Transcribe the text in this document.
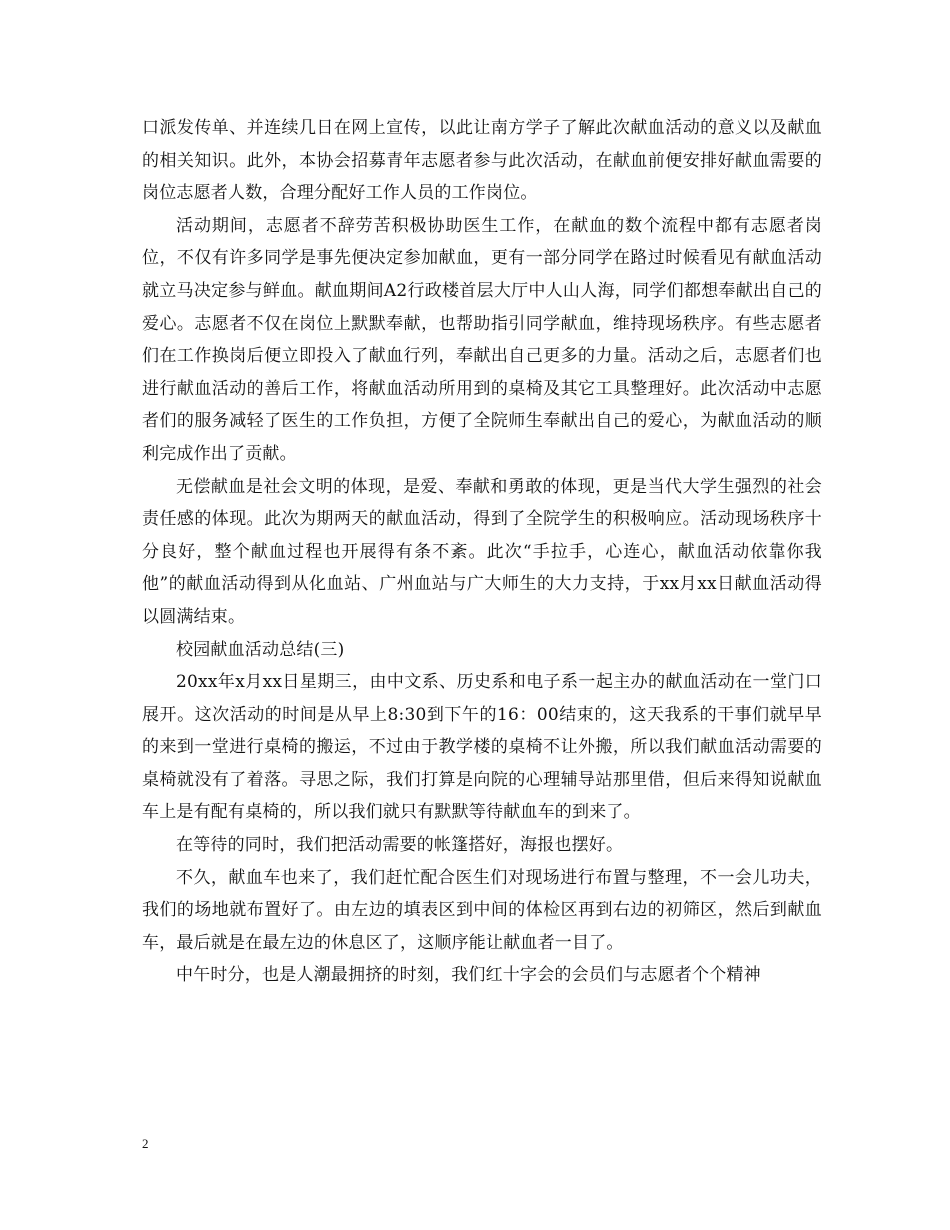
口派发传单、并连续几日在网上宣传，以此让南方学子了解此次献血活动的意义以及献血的相关知识。此外，本协会招募青年志愿者参与此次活动，在献血前便安排好献血需要的岗位志愿者人数，合理分配好工作人员的工作岗位。

活动期间，志愿者不辞劳苦积极协助医生工作，在献血的数个流程中都有志愿者岗位，不仅有许多同学是事先便决定参加献血，更有一部分同学在路过时候看见有献血活动就立马决定参与鲜血。献血期间A2行政楼首层大厅中人山人海，同学们都想奉献出自己的爱心。志愿者不仅在岗位上默默奉献，也帮助指引同学献血，维持现场秩序。有些志愿者们在工作换岗后便立即投入了献血行列，奉献出自己更多的力量。活动之后，志愿者们也进行献血活动的善后工作，将献血活动所用到的桌椅及其它工具整理好。此次活动中志愿者们的服务减轻了医生的工作负担，方便了全院师生奉献出自己的爱心，为献血活动的顺利完成作出了贡献。

无偿献血是社会文明的体现，是爱、奉献和勇敢的体现，更是当代大学生强烈的社会责任感的体现。此次为期两天的献血活动，得到了全院学生的积极响应。活动现场秩序十分良好，整个献血过程也开展得有条不紊。此次“手拉手，心连心，献血活动依靠你我他”的献血活动得到从化血站、广州血站与广大师生的大力支持，于xx月xx日献血活动得以圆满结束。

校园献血活动总结(三)

20xx年x月xx日星期三，由中文系、历史系和电子系一起主办的献血活动在一堂门口展开。这次活动的时间是从早上8:30到下午的16：00结束的，这天我系的干事们就早早的来到一堂进行桌椅的搬运，不过由于教学楼的桌椅不让外搬，所以我们献血活动需要的桌椅就没有了着落。寻思之际，我们打算是向院的心理辅导站那里借，但后来得知说献血车上是有配有桌椅的，所以我们就只有默默等待献血车的到来了。

在等待的同时，我们把活动需要的帐篷搭好，海报也摆好。

不久，献血车也来了，我们赶忙配合医生们对现场进行布置与整理，不一会儿功夫，我们的场地就布置好了。由左边的填表区到中间的体检区再到右边的初筛区，然后到献血车，最后就是在最左边的休息区了，这顺序能让献血者一目了。

中午时分，也是人潮最拥挤的时刻，我们红十字会的会员们与志愿者个个精神

2
